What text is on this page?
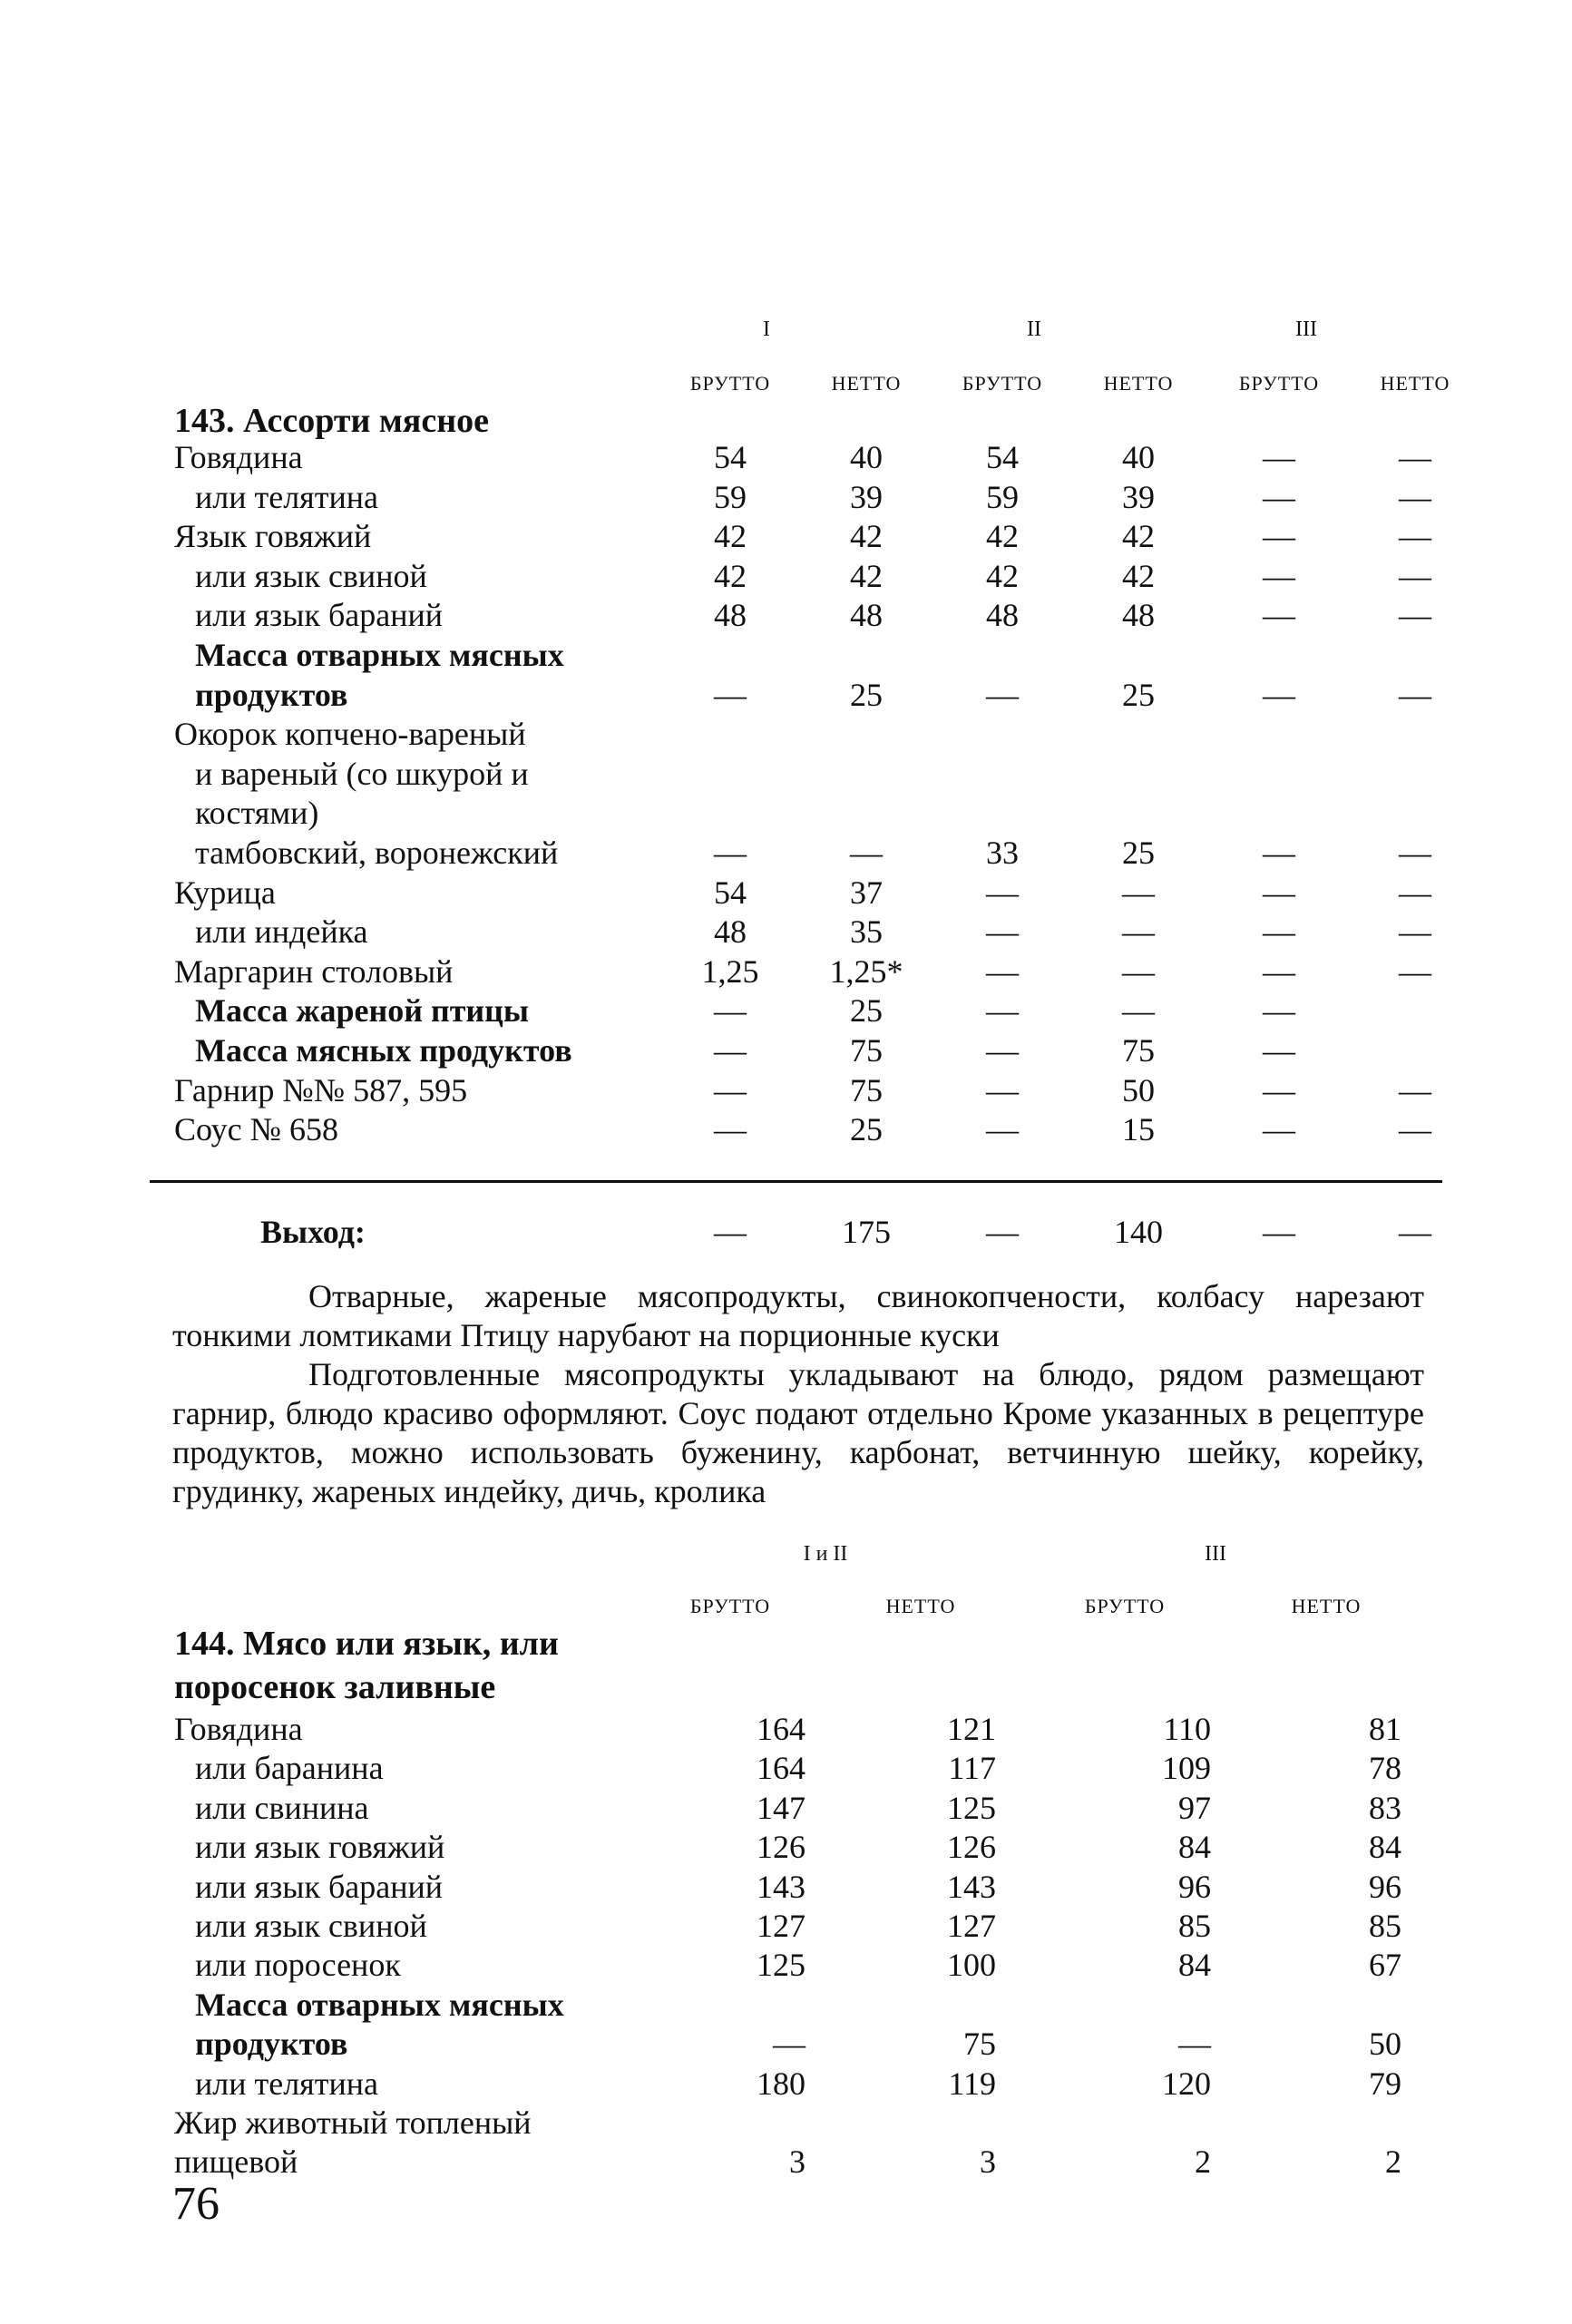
I	II	III
БРУТТО	НЕТТО	БРУТТО	НЕТТО	БРУТТО	НЕТТО
143. Ассорти мясное
Говядина	54	40	54	40	—	—
или телятина	59	39	59	39	—	—
Язык говяжий	42	42	42	42	—	—
или язык свиной	42	42	42	42	—	—
или язык бараний	48	48	48	48	—	—
Масса отварных мясных
продуктов	—	25	—	25	—	—
Окорок копчено-вареный
и вареный (со шкурой и
костями)
тамбовский, воронежский	—	—	33	25	—	—
Курица	54	37	—	—	—	—
или индейка	48	35	—	—	—	—
Маргарин столовый	1,25	1,25*	—	—	—	—
Масса жареной птицы	—	25	—	—	—
Масса мясных продуктов	—	75	—	75	—
Гарнир №№ 587, 595	—	75	—	50	—	—
Соус № 658	—	25	—	15	—	—
Выход:	—	175	—	140	—	—

Отварные, жареные мясопродукты, свинокопчености, колбасу нарезают тонкими ломтиками Птицу нарубают на порционные куски

Подготовленные мясопродукты укладывают на блюдо, рядом размещают гарнир, блюдо красиво оформляют. Соус подают отдельно Кроме указанных в рецептуре продуктов, можно использовать буженину, карбонат, ветчинную шейку, корейку, грудинку, жареных индейку, дичь, кролика

I и II	III
БРУТТО	НЕТТО	БРУТТО	НЕТТО
144. Мясо или язык, или
поросенок заливные
Говядина	164	121	110	81
или баранина	164	117	109	78
или свинина	147	125	97	83
или язык говяжий	126	126	84	84
или язык бараний	143	143	96	96
или язык свиной	127	127	85	85
или поросенок	125	100	84	67
Масса отварных мясных
продуктов	—	75	—	50
или телятина	180	119	120	79
Жир животный топленый
пищевой	3	3	2	2
76
